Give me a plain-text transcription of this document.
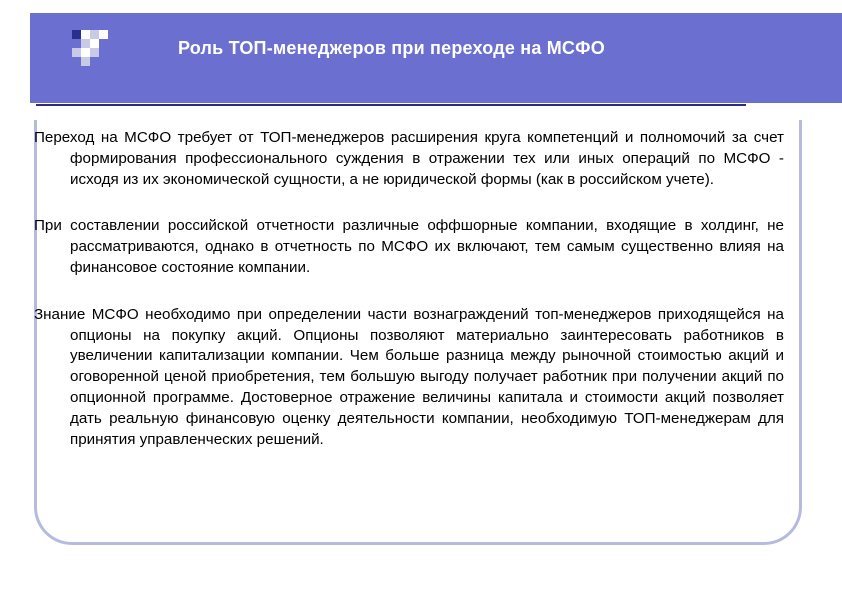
Роль ТОП-менеджеров при переходе на МСФО

Переход на МСФО требует от ТОП-менеджеров расширения круга компетенций и полномочий за счет формирования профессионального суждения в отражении тех или иных операций по МСФО - исходя из их экономической сущности, а не юридической формы (как в российском учете).

При составлении российской отчетности различные оффшорные компании, входящие в холдинг, не рассматриваются, однако в отчетность по МСФО их включают, тем самым существенно влияя на финансовое состояние компании.

Знание МСФО необходимо при определении части вознаграждений топ-менеджеров приходящейся на опционы на покупку акций. Опционы позволяют материально заинтересовать работников в увеличении капитализации компании. Чем больше разница между рыночной стоимостью акций и оговоренной ценой приобретения, тем большую выгоду получает работник при получении акций по опционной программе. Достоверное отражение величины капитала и стоимости акций позволяет дать реальную финансовую оценку деятельности компании, необходимую ТОП-менеджерам для принятия управленческих решений.
